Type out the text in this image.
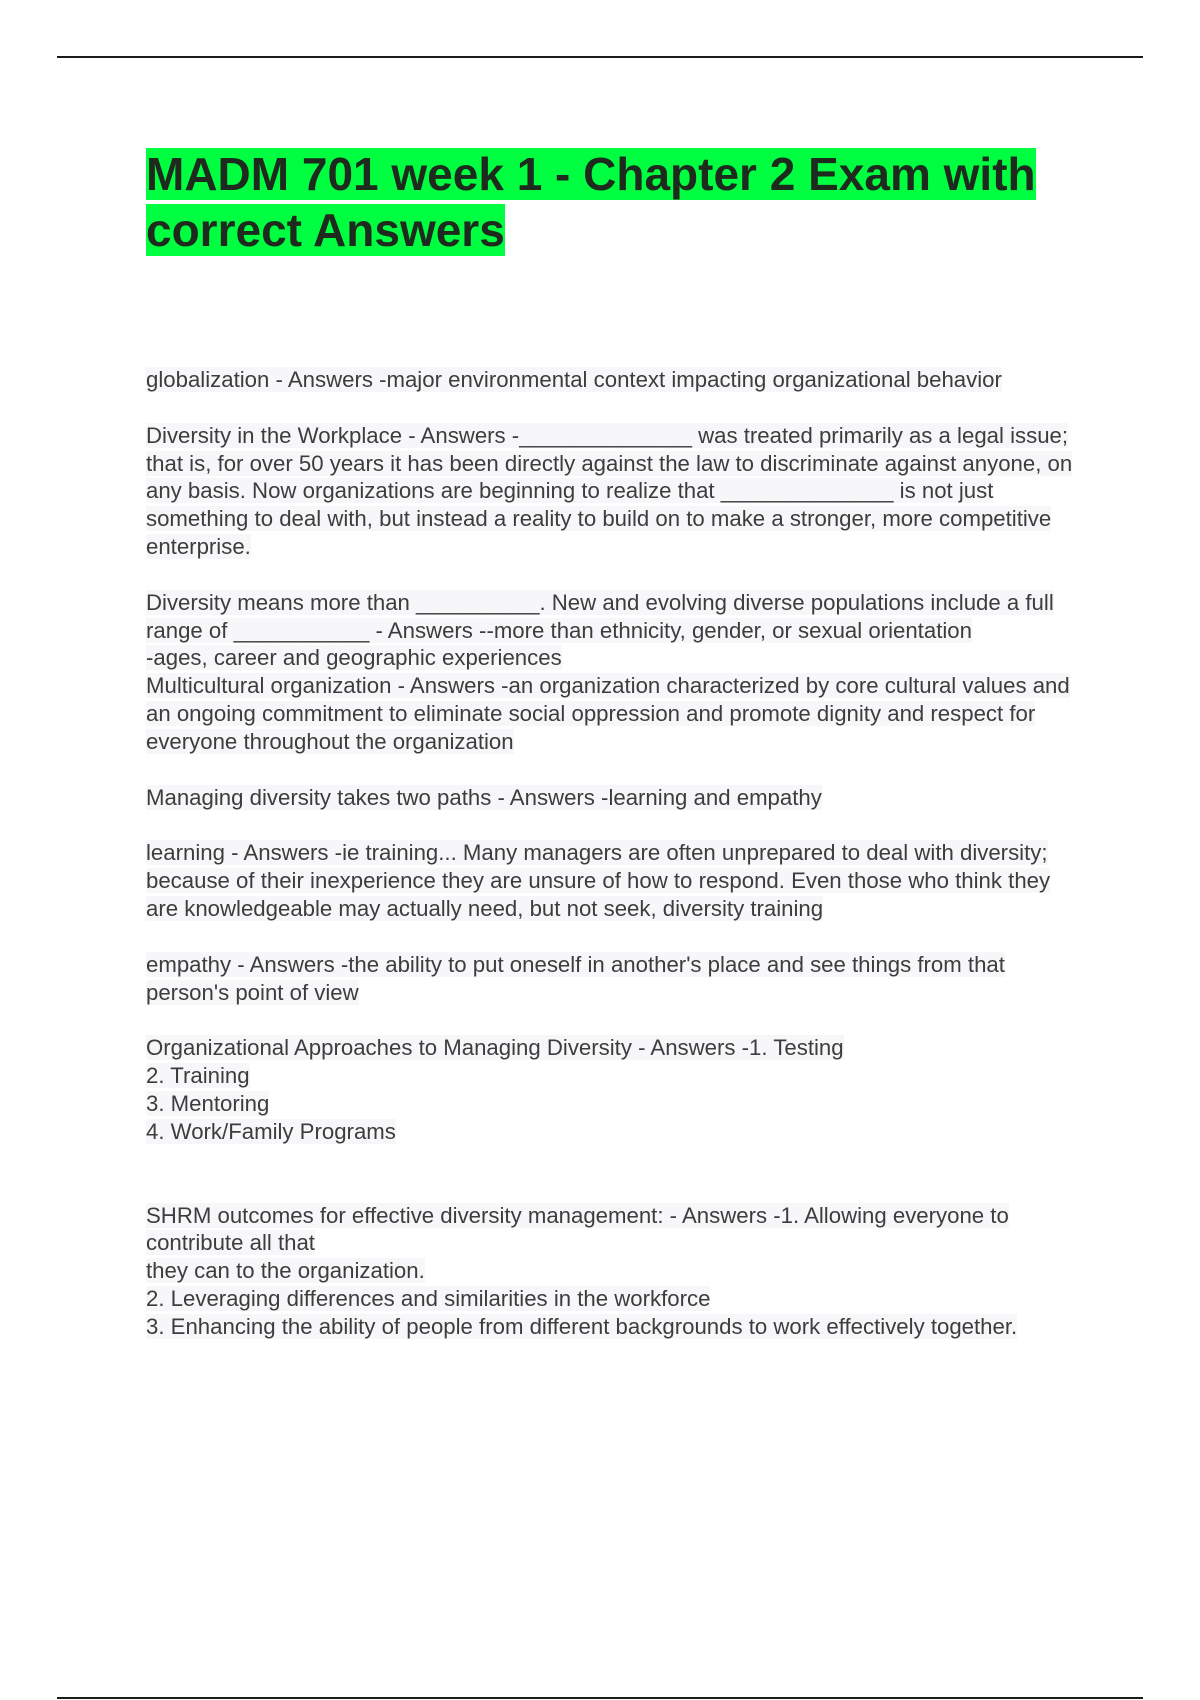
MADM 701 week 1 - Chapter 2 Exam with correct Answers

globalization - Answers -major environmental context impacting organizational behavior

Diversity in the Workplace - Answers -______________ was treated primarily as a legal issue; that is, for over 50 years it has been directly against the law to discriminate against anyone, on any basis. Now organizations are beginning to realize that ______________ is not just something to deal with, but instead a reality to build on to make a stronger, more competitive enterprise.

Diversity means more than __________. New and evolving diverse populations include a full range of ___________ - Answers --more than ethnicity, gender, or sexual orientation
-ages, career and geographic experiences
Multicultural organization - Answers -an organization characterized by core cultural values and an ongoing commitment to eliminate social oppression and promote dignity and respect for everyone throughout the organization

Managing diversity takes two paths - Answers -learning and empathy

learning - Answers -ie training... Many managers are often unprepared to deal with diversity; because of their inexperience they are unsure of how to respond. Even those who think they are knowledgeable may actually need, but not seek, diversity training

empathy - Answers -the ability to put oneself in another's place and see things from that person's point of view

Organizational Approaches to Managing Diversity - Answers -1. Testing
2. Training
3. Mentoring
4. Work/Family Programs

SHRM outcomes for effective diversity management: - Answers -1. Allowing everyone to contribute all that
they can to the organization.
2. Leveraging differences and similarities in the workforce
3. Enhancing the ability of people from different backgrounds to work effectively together.
